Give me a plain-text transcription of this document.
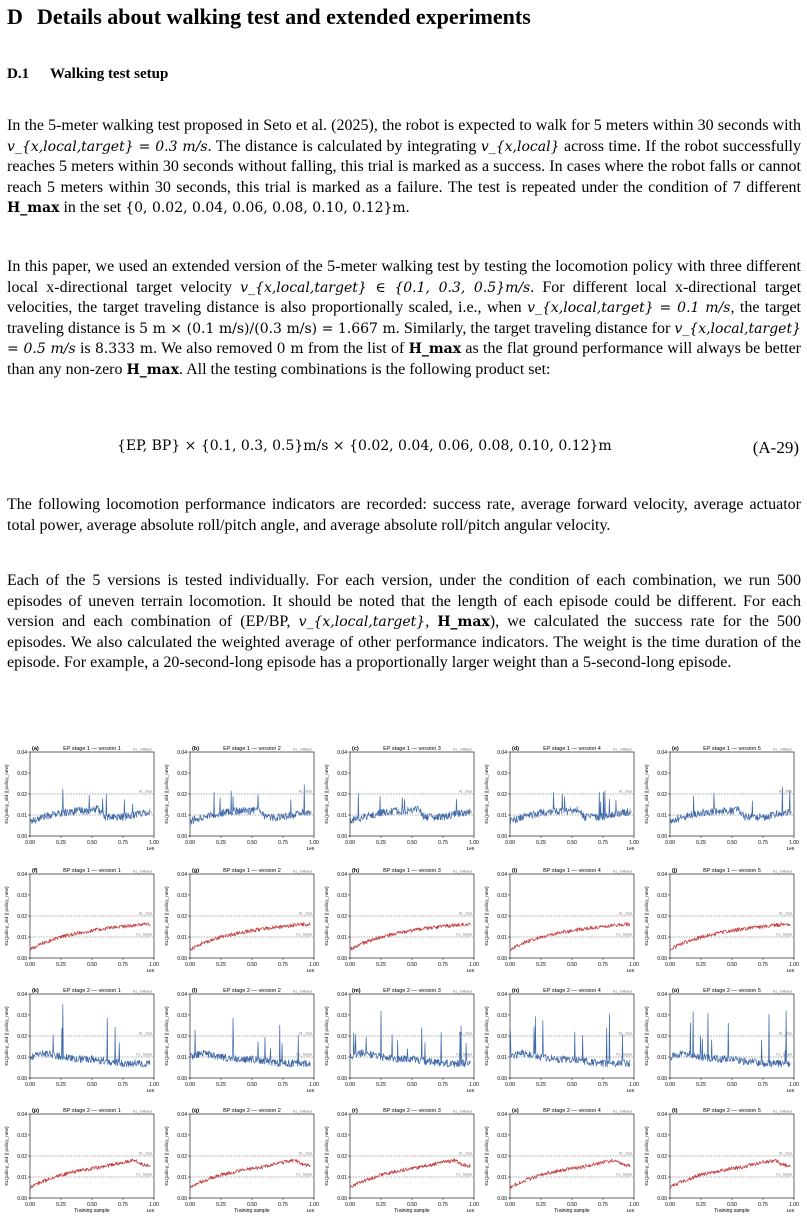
D Details about walking test and extended experiments
D.1 Walking test setup

In the 5-meter walking test proposed in Seto et al. (2025), the robot is expected to walk for 5 meters within 30 seconds with v_{x,local,target} = 0.3 m/s. The distance is calculated by integrating v_{x,local} across time. If the robot successfully reaches 5 meters within 30 seconds without falling, this trial is marked as a success. In cases where the robot falls or cannot reach 5 meters within 30 seconds, this trial is marked as a failure. The test is repeated under the condition of 7 different H_max in the set {0, 0.02, 0.04, 0.06, 0.08, 0.10, 0.12}m.

In this paper, we used an extended version of the 5-meter walking test by testing the locomotion policy with three different local x-directional target velocity v_{x,local,target} ∈ {0.1, 0.3, 0.5}m/s. For different local x-directional target velocities, the target traveling distance is also proportionally scaled, i.e., when v_{x,local,target} = 0.1 m/s, the target traveling distance is 5 m × (0.1 m/s)/(0.3 m/s) = 1.667 m. Similarly, the target traveling distance for v_{x,local,target} = 0.5 m/s is 8.333 m. We also removed 0 m from the list of H_max as the flat ground performance will always be better than any non-zero H_max. All the testing combinations is the following product set:

{EP, BP} × {0.1, 0.3, 0.5}m/s × {0.02, 0.04, 0.06, 0.08, 0.10, 0.12}m	(A-29)

The following locomotion performance indicators are recorded: success rate, average forward velocity, average actuator total power, average absolute roll/pitch angle, and average absolute roll/pitch angular velocity.

Each of the 5 versions is tested individually. For each version, under the condition of each combination, we run 500 episodes of uneven terrain locomotion. It should be noted that the length of each episode could be different. For each version and each combination of (EP/BP, v_{x,local,target}, H_max), we calculated the success rate for the 500 episodes. We also calculated the weighted average of other performance indicators. The weight is the time duration of the episode. For example, a 20-second-long episode has a proportionally larger weight than a 5-second-long episode.

(a)	EP stage 1 — version 1	KL_rollback
KL_stop
KL_target
0.00
0.01
0.02
0.03
0.04
0.00	0.25	0.50	0.75	1.00
1e8
KL(policy_old || policy_new)
(b)	EP stage 1 — version 2	KL_rollback
KL_stop
KL_target
0.00
0.01
0.02
0.03
0.04
0.00	0.25	0.50	0.75	1.00
1e8
KL(policy_old || policy_new)
(c)	EP stage 1 — version 3	KL_rollback
KL_stop
KL_target
0.00
0.01
0.02
0.03
0.04
0.00	0.25	0.50	0.75	1.00
1e8
KL(policy_old || policy_new)
(d)	EP stage 1 — version 4	KL_rollback
KL_stop
KL_target
0.00
0.01
0.02
0.03
0.04
0.00	0.25	0.50	0.75	1.00
1e8
KL(policy_old || policy_new)
(e)	EP stage 1 — version 5	KL_rollback
KL_stop
KL_target
0.00
0.01
0.02
0.03
0.04
0.00	0.25	0.50	0.75	1.00
1e8
KL(policy_old || policy_new)
(f)	BP stage 1 — version 1	KL_rollback
KL_stop
KL_target
0.00
0.01
0.02
0.03
0.04
0.00	0.25	0.50	0.75	1.00
1e8
KL(policy_old || policy_new)
(g)	BP stage 1 — version 2	KL_rollback
KL_stop
KL_target
0.00
0.01
0.02
0.03
0.04
0.00	0.25	0.50	0.75	1.00
1e8
KL(policy_old || policy_new)
(h)	BP stage 1 — version 3	KL_rollback
KL_stop
KL_target
0.00
0.01
0.02
0.03
0.04
0.00	0.25	0.50	0.75	1.00
1e8
KL(policy_old || policy_new)
(i)	BP stage 1 — version 4	KL_rollback
KL_stop
KL_target
0.00
0.01
0.02
0.03
0.04
0.00	0.25	0.50	0.75	1.00
1e8
KL(policy_old || policy_new)
(j)	BP stage 1 — version 5	KL_rollback
KL_stop
KL_target
0.00
0.01
0.02
0.03
0.04
0.00	0.25	0.50	0.75	1.00
1e8
KL(policy_old || policy_new)
(k)	EP stage 2 — version 1	KL_rollback
KL_stop
KL_target
0.00
0.01
0.02
0.03
0.04
0.00	0.25	0.50	0.75	1.00
1e8
KL(policy_old || policy_new)
(l)	EP stage 2 — version 2	KL_rollback
KL_stop
KL_target
0.00
0.01
0.02
0.03
0.04
0.00	0.25	0.50	0.75	1.00
1e8
KL(policy_old || policy_new)
(m)	EP stage 2 — version 3	KL_rollback
KL_stop
KL_target
0.00
0.01
0.02
0.03
0.04
0.00	0.25	0.50	0.75	1.00
1e8
KL(policy_old || policy_new)
(n)	EP stage 2 — version 4	KL_rollback
KL_stop
KL_target
0.00
0.01
0.02
0.03
0.04
0.00	0.25	0.50	0.75	1.00
1e8
KL(policy_old || policy_new)
(o)	EP stage 2 — version 5	KL_rollback
KL_stop
KL_target
0.00
0.01
0.02
0.03
0.04
0.00	0.25	0.50	0.75	1.00
1e8
KL(policy_old || policy_new)
(p)	BP stage 2 — version 1	KL_rollback
KL_stop
KL_target
0.00
0.01
0.02
0.03
0.04
0.00	0.25	0.50	0.75	1.00
1e8
KL(policy_old || policy_new)
Training sample
(q)	BP stage 2 — version 2	KL_rollback
KL_stop
KL_target
0.00
0.01
0.02
0.03
0.04
0.00	0.25	0.50	0.75	1.00
1e8
KL(policy_old || policy_new)
Training sample
(r)	BP stage 2 — version 3	KL_rollback
KL_stop
KL_target
0.00
0.01
0.02
0.03
0.04
0.00	0.25	0.50	0.75	1.00
1e8
KL(policy_old || policy_new)
Training sample
(s)	BP stage 2 — version 4	KL_rollback
KL_stop
KL_target
0.00
0.01
0.02
0.03
0.04
0.00	0.25	0.50	0.75	1.00
1e8
KL(policy_old || policy_new)
Training sample
(t)	BP stage 2 — version 5	KL_rollback
KL_stop
KL_target
0.00
0.01
0.02
0.03
0.04
0.00	0.25	0.50	0.75	1.00
1e8
KL(policy_old || policy_new)
Training sample
